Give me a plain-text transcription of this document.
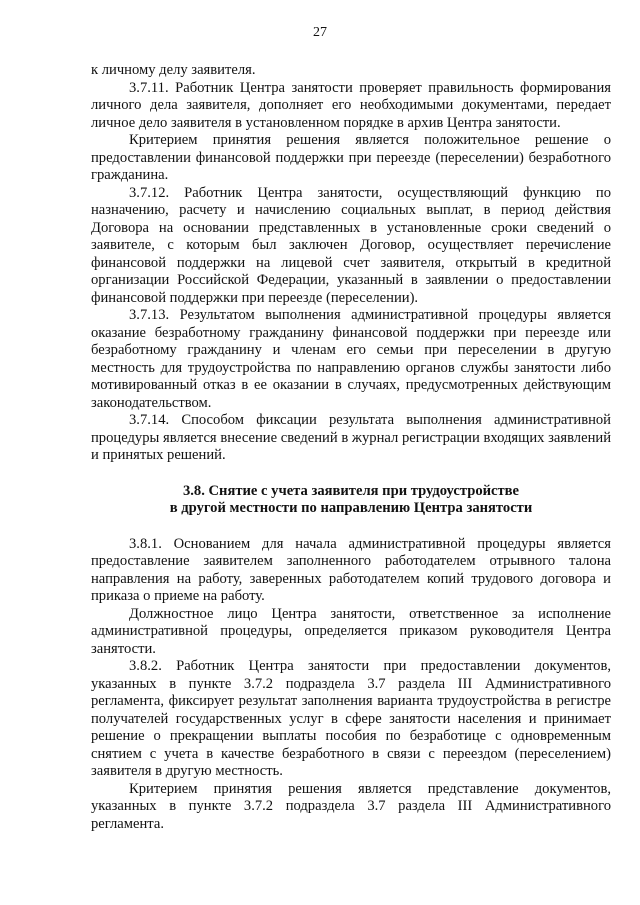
27

к личному делу заявителя.

3.7.11. Работник Центра занятости проверяет правильность формирования личного дела заявителя, дополняет его необходимыми документами, передает личное дело заявителя в установленном порядке в архив Центра занятости.

Критерием принятия решения является положительное решение о предоставлении финансовой поддержки при переезде (переселении) безработного гражданина.

3.7.12. Работник Центра занятости, осуществляющий функцию по назначению, расчету и начислению социальных выплат, в период действия Договора на основании представленных в установленные сроки сведений о заявителе, с которым был заключен Договор, осуществляет перечисление финансовой поддержки на лицевой счет заявителя, открытый в кредитной организации Российской Федерации, указанный в заявлении о предоставлении финансовой поддержки при переезде (переселении).

3.7.13. Результатом выполнения административной процедуры является оказание безработному гражданину финансовой поддержки при переезде или безработному гражданину и членам его семьи при переселении в другую местность для трудоустройства по направлению органов службы занятости либо мотивированный отказ в ее оказании в случаях, предусмотренных действующим законодательством.

3.7.14. Способом фиксации результата выполнения административной процедуры является внесение сведений в журнал регистрации входящих заявлений и принятых решений.

3.8. Снятие с учета заявителя при трудоустройстве
в другой местности по направлению Центра занятости

3.8.1. Основанием для начала административной процедуры является предоставление заявителем заполненного работодателем отрывного талона направления на работу, заверенных работодателем копий трудового договора и приказа о приеме на работу.

Должностное лицо Центра занятости, ответственное за исполнение административной процедуры, определяется приказом руководителя Центра занятости.

3.8.2. Работник Центра занятости при предоставлении документов, указанных в пункте 3.7.2 подраздела 3.7 раздела III Административного регламента, фиксирует результат заполнения варианта трудоустройства в регистре получателей государственных услуг в сфере занятости населения и принимает решение о прекращении выплаты пособия по безработице с одновременным снятием с учета в качестве безработного в связи с переездом (переселением) заявителя в другую местность.

Критерием принятия решения является представление документов, указанных в пункте 3.7.2 подраздела 3.7 раздела III Административного регламента.
